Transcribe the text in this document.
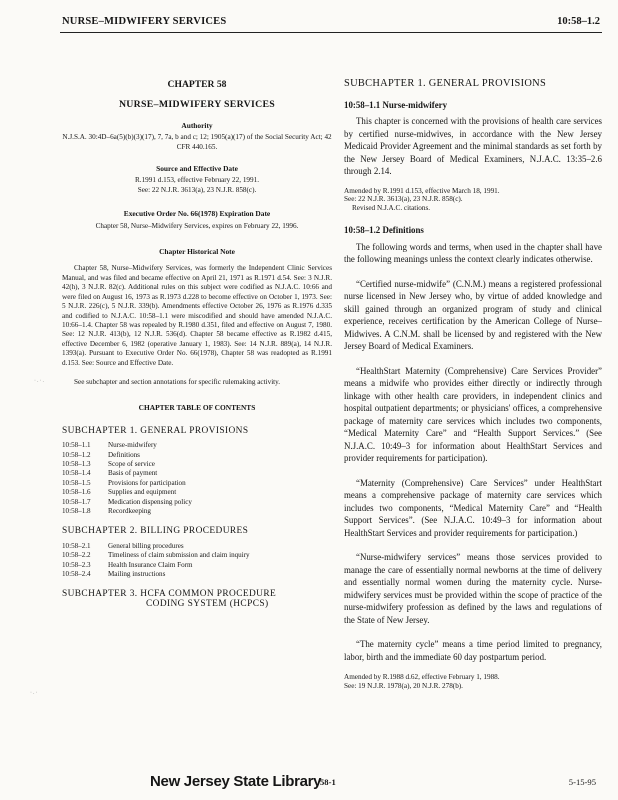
NURSE–MIDWIFERY SERVICES	10:58–1.2
CHAPTER 58
NURSE–MIDWIFERY SERVICES
Authority

N.J.S.A. 30:4D–6a(5)(b)(3)(17), 7, 7a, b and c; 12; 1905(a)(17) of the Social Security Act; 42 CFR 440.165.

Source and Effective Date
R.1991 d.153, effective February 22, 1991.
See: 22 N.J.R. 3613(a), 23 N.J.R. 858(c).
Executive Order No. 66(1978) Expiration Date

Chapter 58, Nurse–Midwifery Services, expires on February 22, 1996.

Chapter Historical Note

Chapter 58, Nurse–Midwifery Services, was formerly the Independent Clinic Services Manual, and was filed and became effective on April 21, 1971 as R.1971 d.54. See: 3 N.J.R. 42(h), 3 N.J.R. 82(c). Additional rules on this subject were codified as N.J.A.C. 10:66 and were filed on August 16, 1973 as R.1973 d.228 to become effective on October 1, 1973. See: 5 N.J.R. 226(c), 5 N.J.R. 339(b). Amendments effective October 26, 1976 as R.1976 d.335 and codified to N.J.A.C. 10:58–1.1 were miscodified and should have amended N.J.A.C. 10:66–1.4. Chapter 58 was repealed by R.1980 d.351, filed and effective on August 7, 1980. See: 12 N.J.R. 413(b), 12 N.J.R. 536(d). Chapter 58 became effective as R.1982 d.415, effective December 6, 1982 (operative January 1, 1983). See: 14 N.J.R. 889(a), 14 N.J.R. 1393(a). Pursuant to Executive Order No. 66(1978), Chapter 58 was readopted as R.1991 d.153. See: Source and Effective Date.

See subchapter and section annotations for specific rulemaking activity.

CHAPTER TABLE OF CONTENTS
SUBCHAPTER 1. GENERAL PROVISIONS
10:58–1.1	Nurse-midwifery
10:58–1.2	Definitions
10:58–1.3	Scope of service
10:58–1.4	Basis of payment
10:58–1.5	Provisions for participation
10:58–1.6	Supplies and equipment
10:58–1.7	Medication dispensing policy
10:58–1.8	Recordkeeping
SUBCHAPTER 2. BILLING PROCEDURES
10:58–2.1	General billing procedures
10:58–2.2	Timeliness of claim submission and claim inquiry
10:58–2.3	Health Insurance Claim Form
10:58–2.4	Mailing instructions
SUBCHAPTER 3. HCFA COMMON PROCEDURE
CODING SYSTEM (HCPCS)
SUBCHAPTER 1. GENERAL PROVISIONS
10:58–1.1 Nurse-midwifery

This chapter is concerned with the provisions of health care services by certified nurse-midwives, in accordance with the New Jersey Medicaid Provider Agreement and the minimal standards as set forth by the New Jersey Board of Medical Examiners, N.J.A.C. 13:35–2.6 through 2.14.

Amended by R.1991 d.153, effective March 18, 1991.
See: 22 N.J.R. 3613(a), 23 N.J.R. 858(c).
Revised N.J.A.C. citations.
10:58–1.2 Definitions

The following words and terms, when used in the chapter shall have the following meanings unless the context clearly indicates otherwise.

“Certified nurse-midwife” (C.N.M.) means a registered professional nurse licensed in New Jersey who, by virtue of added knowledge and skill gained through an organized program of study and clinical experience, receives certification by the American College of Nurse–Midwives. A C.N.M. shall be licensed by and registered with the New Jersey Board of Medical Examiners.

“HealthStart Maternity (Comprehensive) Care Services Provider” means a midwife who provides either directly or indirectly through linkage with other health care providers, in independent clinics and hospital outpatient departments; or physicians' offices, a comprehensive package of maternity care services which includes two components, “Medical Maternity Care” and “Health Support Services.” (See N.J.A.C. 10:49–3 for information about HealthStart Services and provider requirements for participation).

“Maternity (Comprehensive) Care Services” under HealthStart means a comprehensive package of maternity care services which includes two components, “Medical Maternity Care” and “Health Support Services”. (See N.J.A.C. 10:49–3 for information about HealthStart Services and provider requirements for participation.)

“Nurse-midwifery services” means those services provided to manage the care of essentially normal newborns at the time of delivery and essentially normal women during the maternity cycle. Nurse-midwifery services must be provided within the scope of practice of the nurse-midwifery profession as defined by the laws and regulations of the State of New Jersey.

“The maternity cycle” means a time period limited to pregnancy, labor, birth and the immediate 60 day postpartum period.

Amended by R.1988 d.62, effective February 1, 1988.
See: 19 N.J.R. 1978(a), 20 N.J.R. 278(b).
·.·.
·.·
New Jersey State Library
58-1	5-15-95
